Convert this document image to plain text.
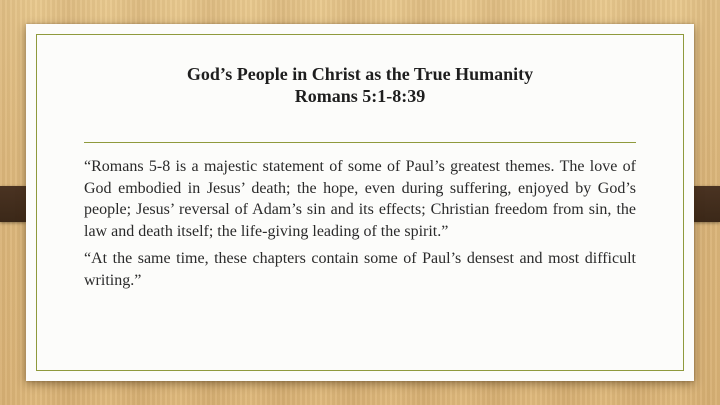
God’s People in Christ as the True Humanity
Romans 5:1-8:39

“Romans 5-8 is a majestic statement of some of Paul’s greatest themes. The love of God embodied in Jesus’ death; the hope, even during suffering, enjoyed by God’s people; Jesus’ reversal of Adam’s sin and its effects; Christian freedom from sin, the law and death itself; the life-giving leading of the spirit.”

“At the same time, these chapters contain some of Paul’s densest and most difficult writing.”
